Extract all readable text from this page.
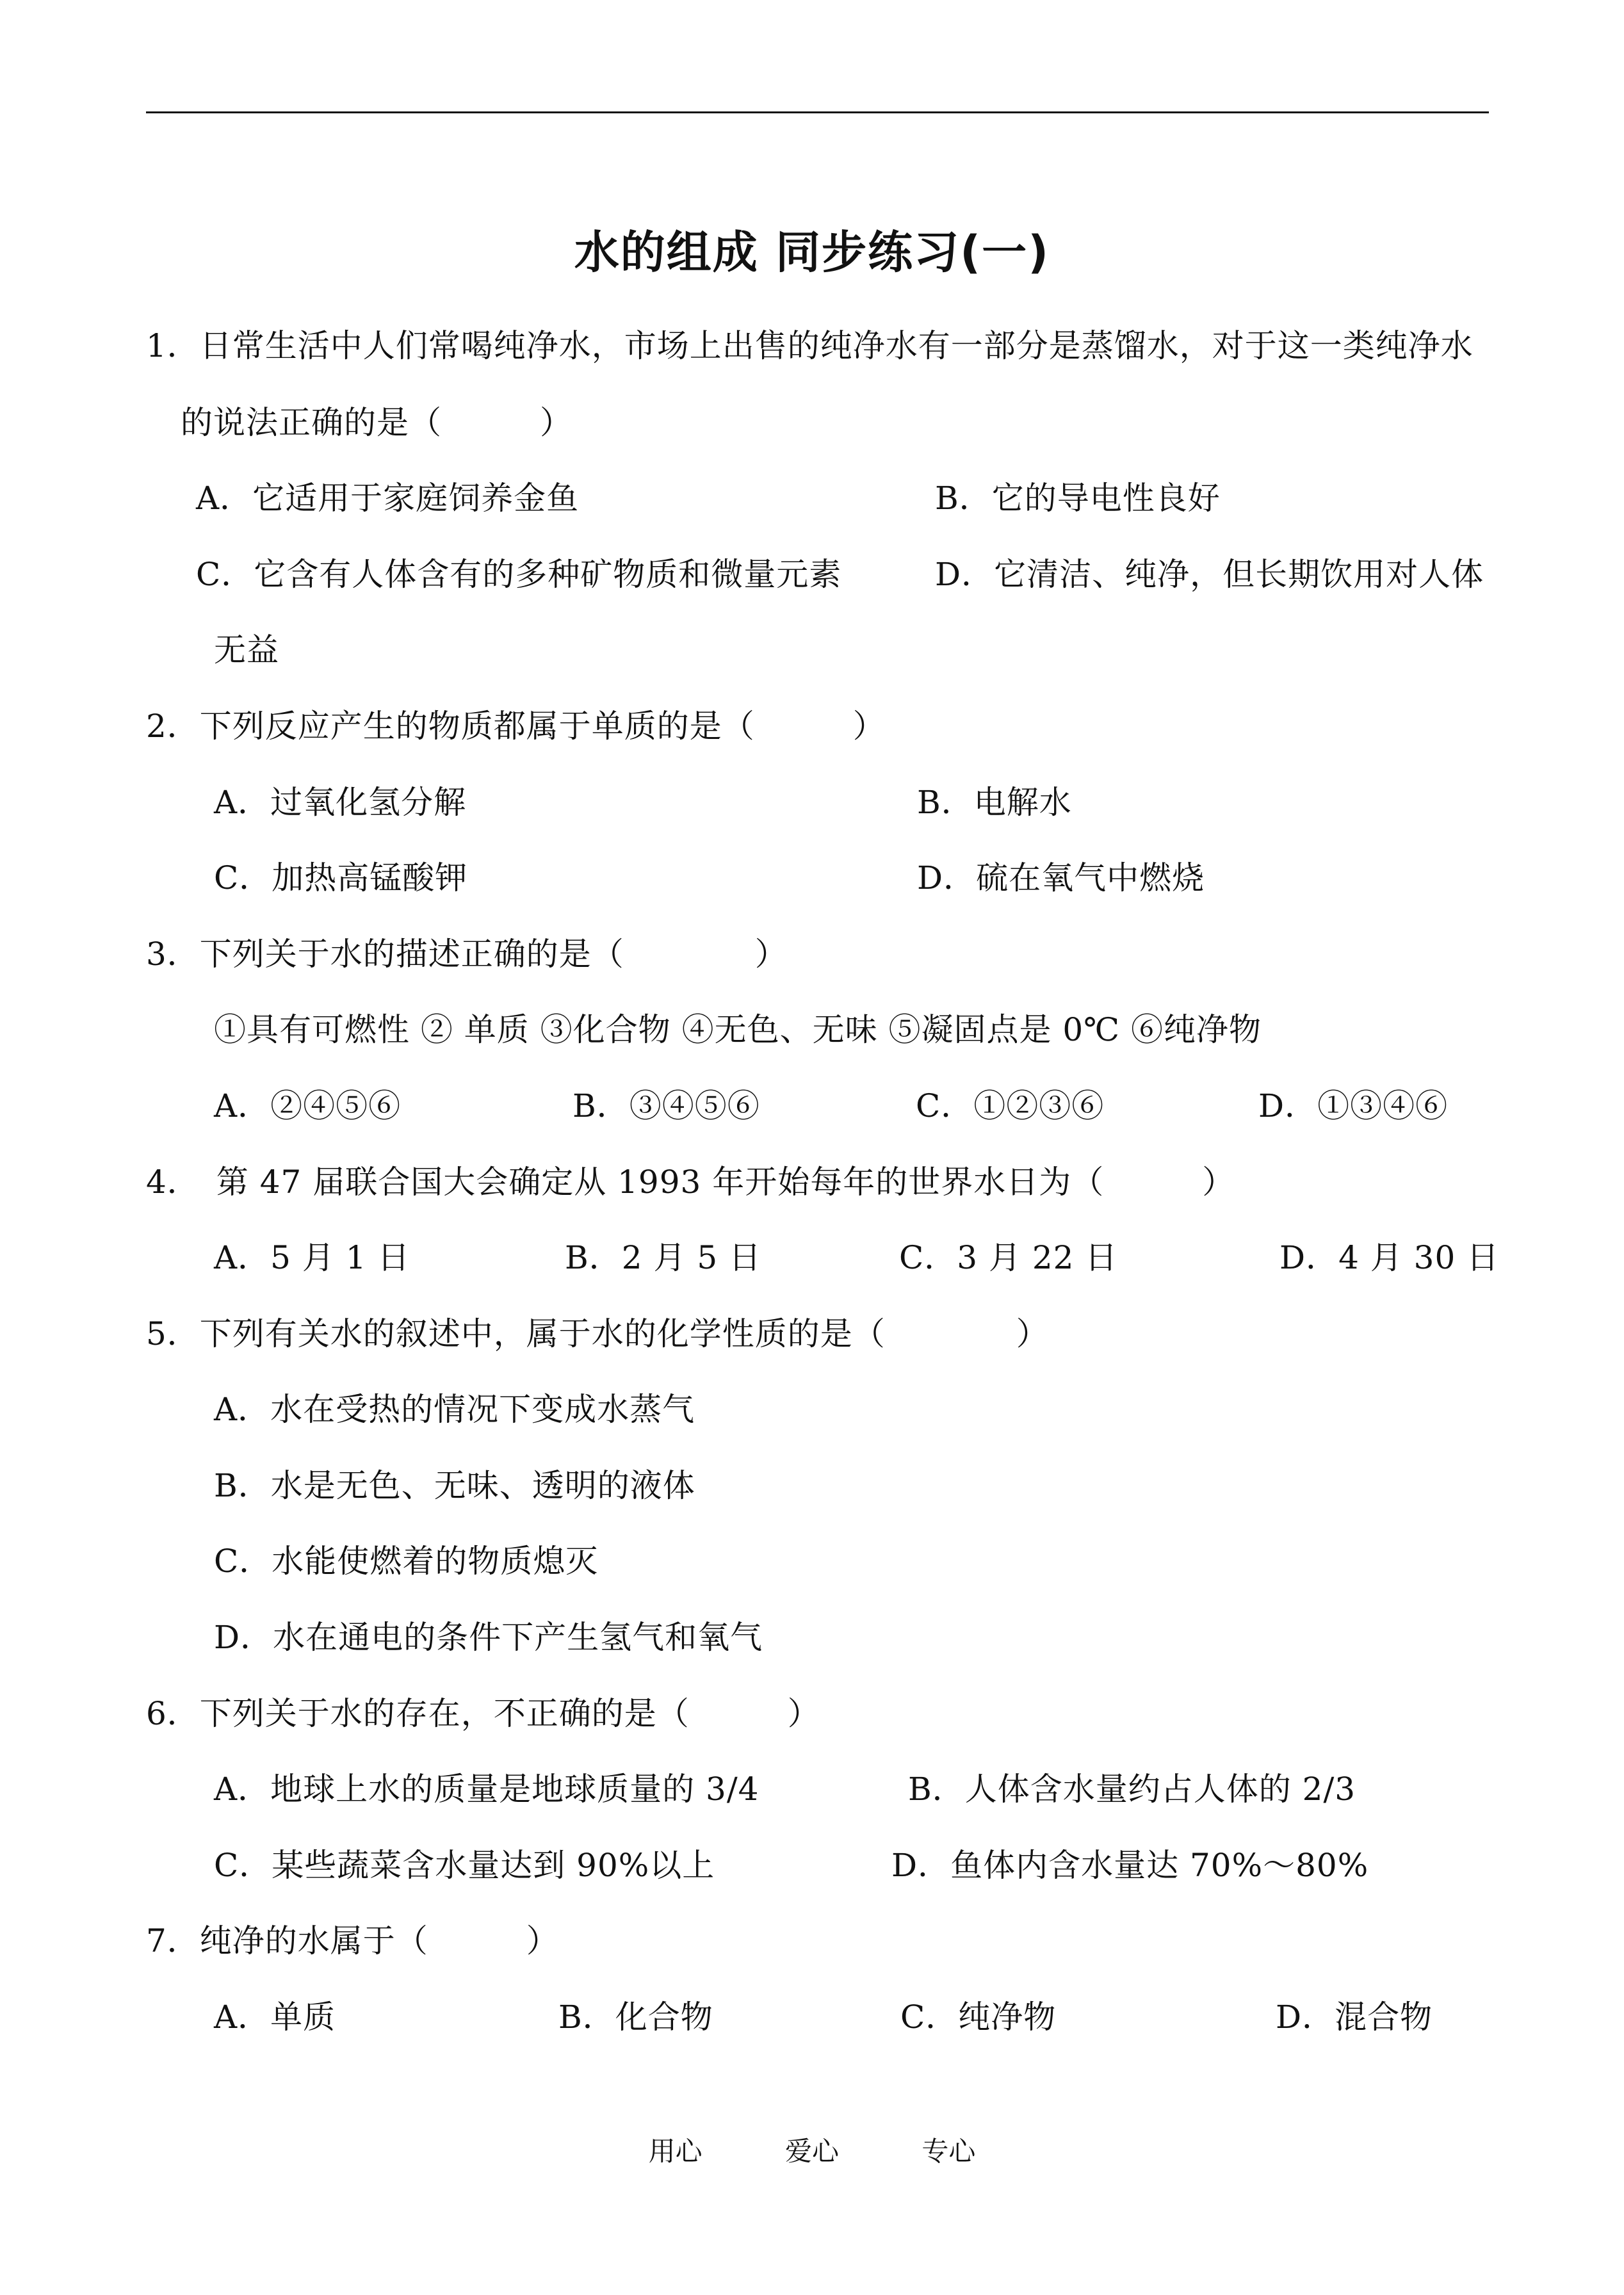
水的组成 同步练习(一)
1．日常生活中人们常喝纯净水，市场上出售的纯净水有一部分是蒸馏水，对于这一类纯净水
的说法正确的是（　　　）
A．它适用于家庭饲养金鱼	B．它的导电性良好
C．它含有人体含有的多种矿物质和微量元素	D．它清洁、纯净，但长期饮用对人体
无益
2．下列反应产生的物质都属于单质的是（　　　）
A．过氧化氢分解	B．电解水
C．加热高锰酸钾	D．硫在氧气中燃烧
3．下列关于水的描述正确的是（　　　　）
①具有可燃性 ② 单质 ③化合物 ④无色、无味 ⑤凝固点是 0℃ ⑥纯净物
A．②④⑤⑥	B．③④⑤⑥	C．①②③⑥	D．①③④⑥
4．　第 47 届联合国大会确定从 1993 年开始每年的世界水日为（　　　）
A．5 月 1 日	B．2 月 5 日	C．3 月 22 日	D．4 月 30 日
5．下列有关水的叙述中，属于水的化学性质的是（　　　　）
A．水在受热的情况下变成水蒸气
B．水是无色、无味、透明的液体
C．水能使燃着的物质熄灭
D．水在通电的条件下产生氢气和氧气
6．下列关于水的存在，不正确的是（　　　）
A．地球上水的质量是地球质量的 3/4	B．人体含水量约占人体的 2/3
C．某些蔬菜含水量达到 90%以上	D．鱼体内含水量达 70%～80%
7．纯净的水属于（　　　）
A．单质	B．化合物	C．纯净物	D．混合物
用心	爱心	专心
